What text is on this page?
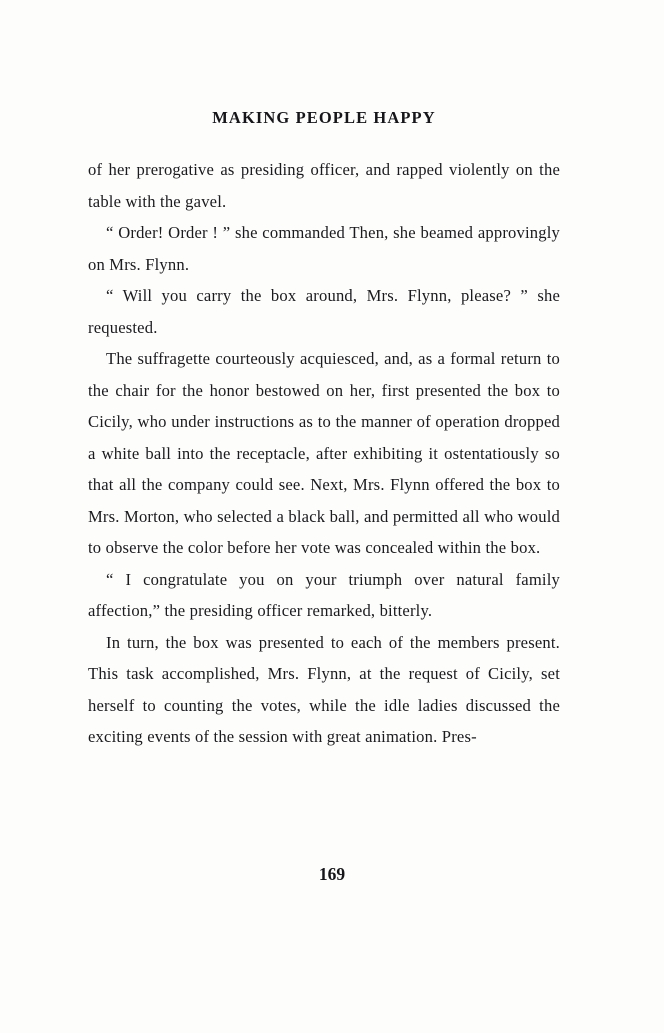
MAKING PEOPLE HAPPY

of her prerogative as presiding officer, and rapped violently on the table with the gavel.

“ Order! Order ! ” she commanded Then, she beamed approvingly on Mrs. Flynn.

“ Will you carry the box around, Mrs. Flynn, please? ” she requested.

The suffragette courteously acquiesced, and, as a formal return to the chair for the honor bestowed on her, first presented the box to Cicily, who under instructions as to the manner of operation dropped a white ball into the receptacle, after exhibiting it ostentatiously so that all the company could see. Next, Mrs. Flynn offered the box to Mrs. Morton, who selected a black ball, and permitted all who would to observe the color before her vote was concealed within the box.

“ I congratulate you on your triumph over natural family affection,” the presiding officer remarked, bitterly.

In turn, the box was presented to each of the members present. This task accomplished, Mrs. Flynn, at the request of Cicily, set herself to counting the votes, while the idle ladies discussed the exciting events of the session with great animation. Pres-

169
